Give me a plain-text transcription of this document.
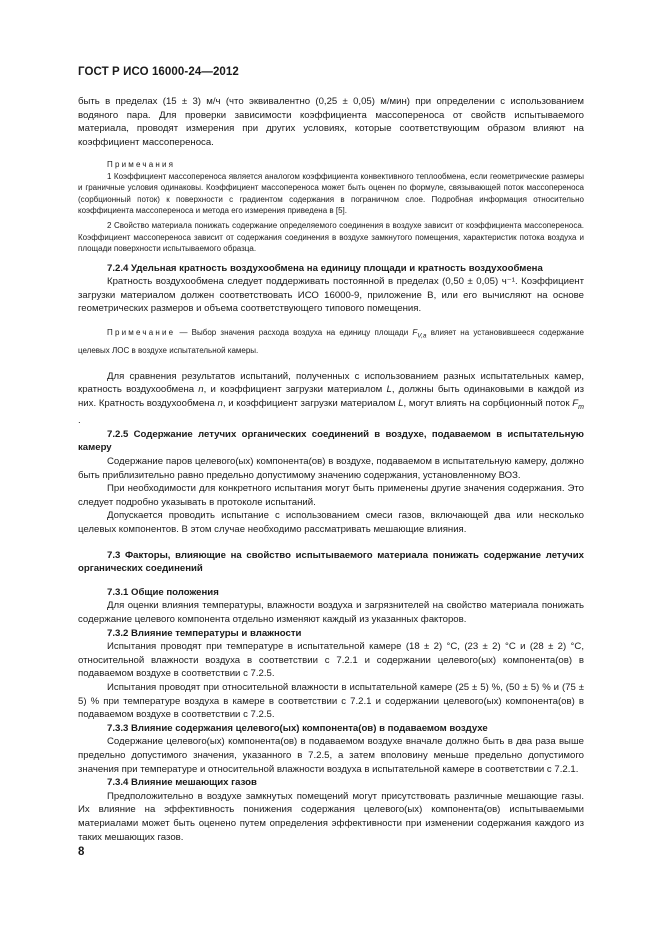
ГОСТ Р ИСО 16000-24—2012

быть в пределах (15 ± 3) м/ч (что эквивалентно (0,25 ± 0,05) м/мин) при определении с использованием водяного пара. Для проверки зависимости коэффициента массопереноса от свойств испытываемого материала, проводят измерения при других условиях, которые соответствующим образом влияют на коэффициент массопереноса.

Примечания

1 Коэффициент массопереноса является аналогом коэффициента конвективного теплообмена, если геометрические размеры и граничные условия одинаковы. Коэффициент массопереноса может быть оценен по формуле, связывающей поток массопереноса (сорбционный поток) к поверхности с градиентом содержания в пограничном слое. Подробная информация относительно коэффициента массопереноса и метода его измерения приведена в [5].

2 Свойство материала понижать содержание определяемого соединения в воздухе зависит от коэффициента массопереноса. Коэффициент массопереноса зависит от содержания соединения в воздухе замкнутого помещения, характеристик потока воздуха и площади поверхности испытываемого образца.

7.2.4 Удельная кратность воздухообмена на единицу площади и кратность воздухообмена

Кратность воздухообмена следует поддерживать постоянной в пределах (0,50 ± 0,05) ч⁻¹. Коэффициент загрузки материалом должен соответствовать ИСО 16000-9, приложение В, или его вычисляют на основе геометрических размеров и объема соответствующего типового помещения.

Примечание — Выбор значения расхода воздуха на единицу площади $F_{V,a}$ влияет на установившееся содержание целевых ЛОС в воздухе испытательной камеры.

Для сравнения результатов испытаний, полученных с использованием разных испытательных камер, кратность воздухообмена n, и коэффициент загрузки материалом L, должны быть одинаковыми в каждой из них. Кратность воздухообмена n, и коэффициент загрузки материалом L, могут влиять на сорбционный поток $F_m$ .

7.2.5 Содержание летучих органических соединений в воздухе, подаваемом в испытательную камеру

Содержание паров целевого(ых) компонента(ов) в воздухе, подаваемом в испытательную камеру, должно быть приблизительно равно предельно допустимому значению содержания, установленному ВОЗ.

При необходимости для конкретного испытания могут быть применены другие значения содержания. Это следует подробно указывать в протоколе испытаний.

Допускается проводить испытание с использованием смеси газов, включающей два или несколько целевых компонентов. В этом случае необходимо рассматривать мешающие влияния.

7.3 Факторы, влияющие на свойство испытываемого материала понижать содержание летучих органических соединений

7.3.1 Общие положения

Для оценки влияния температуры, влажности воздуха и загрязнителей на свойство материала понижать содержание целевого компонента отдельно изменяют каждый из указанных факторов.

7.3.2 Влияние температуры и влажности

Испытания проводят при температуре в испытательной камере (18 ± 2) °C, (23 ± 2) °C и (28 ± 2) °C, относительной влажности воздуха в соответствии с 7.2.1 и содержании целевого(ых) компонента(ов) в подаваемом воздухе в соответствии с 7.2.5.

Испытания проводят при относительной влажности в испытательной камере (25 ± 5) %, (50 ± 5) % и (75 ± 5) % при температуре воздуха в камере в соответствии с 7.2.1 и содержании целевого(ых) компонента(ов) в подаваемом воздухе в соответствии с 7.2.5.

7.3.3 Влияние содержания целевого(ых) компонента(ов) в подаваемом воздухе

Содержание целевого(ых) компонента(ов) в подаваемом воздухе вначале должно быть в два раза выше предельно допустимого значения, указанного в 7.2.5, а затем вполовину меньше предельно допустимого значения при температуре и относительной влажности воздуха в испытательной камере в соответствии с 7.2.1.

7.3.4 Влияние мешающих газов

Предположительно в воздухе замкнутых помещений могут присутствовать различные мешающие газы. Их влияние на эффективность понижения содержания целевого(ых) компонента(ов) испытываемыми материалами может быть оценено путем определения эффективности при изменении содержания каждого из таких мешающих газов.

8
